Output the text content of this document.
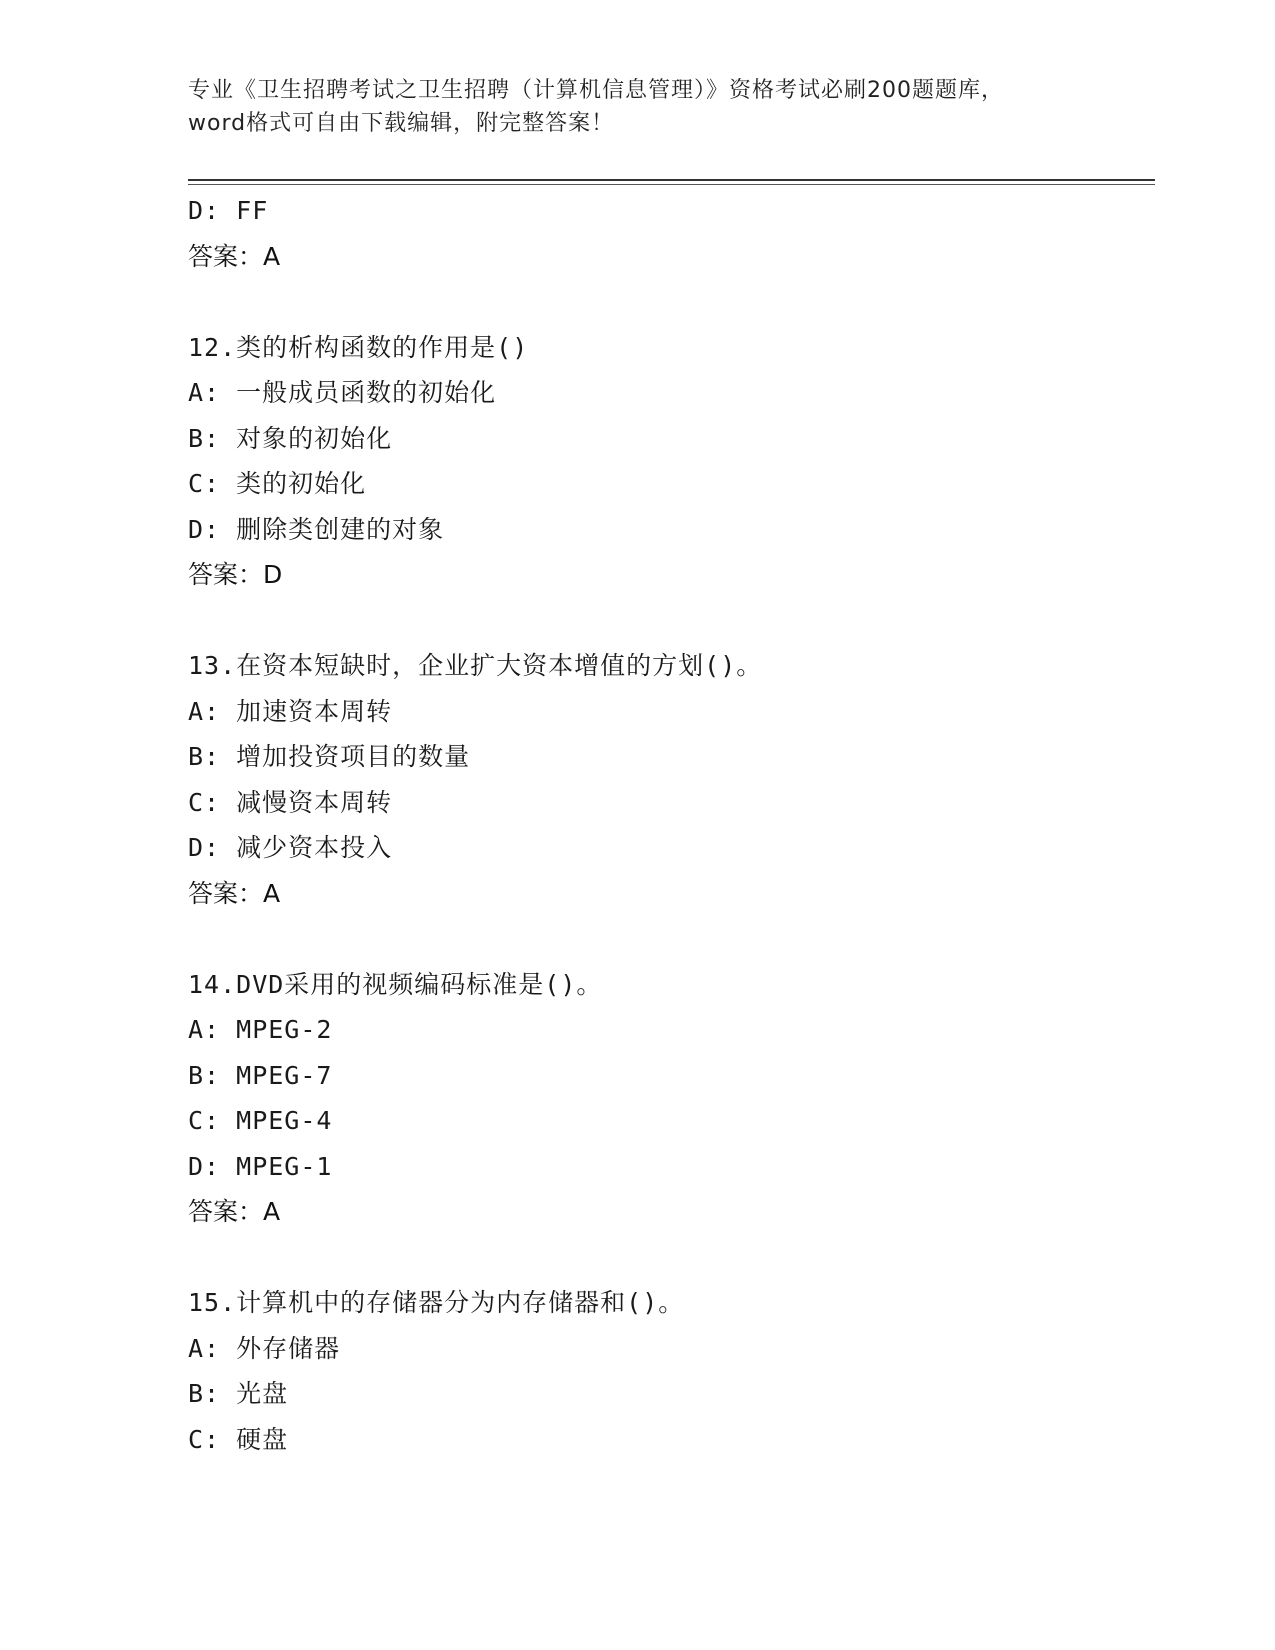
专业《卫生招聘考试之卫生招聘（计算机信息管理）》资格考试必刷200题题库，
word格式可自由下载编辑，附完整答案！
D: FF
答案：A
12.类的析构函数的作用是()
A: 一般成员函数的初始化
B: 对象的初始化
C: 类的初始化
D: 删除类创建的对象
答案：D
13.在资本短缺时，企业扩大资本增值的方划()。
A: 加速资本周转
B: 增加投资项目的数量
C: 减慢资本周转
D: 减少资本投入
答案：A
14.DVD采用的视频编码标准是()。
A: MPEG-2
B: MPEG-7
C: MPEG-4
D: MPEG-1
答案：A
15.计算机中的存储器分为内存储器和()。
A: 外存储器
B: 光盘
C: 硬盘
